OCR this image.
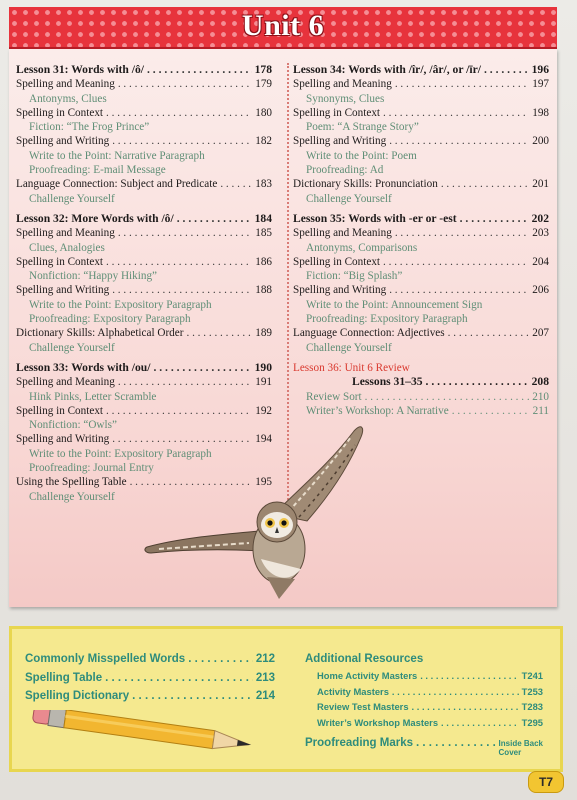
Unit 6
Lesson 31: Words with /ô/ . . .	178
Spelling and Meaning . . .	179
Antonyms, Clues
Spelling in Context . . .	180
Fiction: “The Frog Prince”
Spelling and Writing . . .	182
Write to the Point: Narrative Paragraph
Proofreading: E-mail Message
Language Connection: Subject and Predicate . . .	183
Challenge Yourself
Lesson 32: More Words with /ô/ . . .	184
Spelling and Meaning . . .	185
Clues, Analogies
Spelling in Context . . .	186
Nonfiction: “Happy Hiking”
Spelling and Writing . . .	188
Write to the Point: Expository Paragraph
Proofreading: Expository Paragraph
Dictionary Skills: Alphabetical Order . . .	189
Challenge Yourself
Lesson 33: Words with /ou/ . . .	190
Spelling and Meaning . . .	191
Hink Pinks, Letter Scramble
Spelling in Context . . .	192
Nonfiction: “Owls”
Spelling and Writing . . .	194
Write to the Point: Expository Paragraph
Proofreading: Journal Entry
Using the Spelling Table . . .	195
Challenge Yourself
Lesson 34: Words with /îr/, /âr/, or /īr/ . . .	196
Spelling and Meaning . . .	197
Synonyms, Clues
Spelling in Context . . .	198
Poem: “A Strange Story”
Spelling and Writing . . .	200
Write to the Point: Poem
Proofreading: Ad
Dictionary Skills: Pronunciation . . .	201
Challenge Yourself
Lesson 35: Words with -er or -est . . .	202
Spelling and Meaning . . .	203
Antonyms, Comparisons
Spelling in Context . . .	204
Fiction: “Big Splash”
Spelling and Writing . . .	206
Write to the Point: Announcement Sign
Proofreading: Expository Paragraph
Language Connection: Adjectives . . .	207
Challenge Yourself
Lesson 36: Unit 6 Review
Lessons 31–35 . . .	208
Review Sort . . .	210
Writer’s Workshop: A Narrative . . .	211
Commonly Misspelled Words . . .	212
Spelling Table . . .	213
Spelling Dictionary . . .	214
Additional Resources
Home Activity Masters . . .	T241
Activity Masters . . .	T253
Review Test Masters . . .	T283
Writer’s Workshop Masters . . .	T295
Proofreading Marks . . .	Inside Back
Cover
T7
